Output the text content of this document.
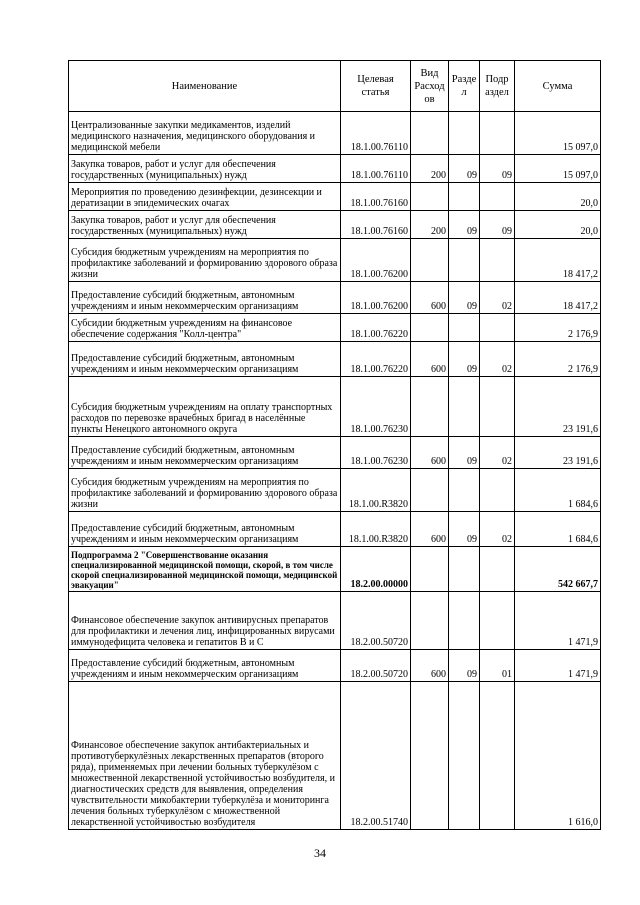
Наименование	Целевая статья	Вид Расход ов	Разде л	Подр аздел	Сумма
Централизованные закупки медикаментов, изделий медицинского назначения, медицинского оборудования и медицинской мебели	18.1.00.76110				15 097,0
Закупка товаров, работ и услуг для обеспечения государственных (муниципальных) нужд	18.1.00.76110	200	09	09	15 097,0
Мероприятия по проведению дезинфекции, дезинсекции и дератизации в эпидемических очагах	18.1.00.76160				20,0
Закупка товаров, работ и услуг для обеспечения государственных (муниципальных) нужд	18.1.00.76160	200	09	09	20,0
Субсидия бюджетным учреждениям на мероприятия по профилактике заболеваний и формированию здорового образа жизни	18.1.00.76200				18 417,2
Предоставление субсидий бюджетным, автономным учреждениям и иным некоммерческим организациям	18.1.00.76200	600	09	02	18 417,2
Субсидии бюджетным учреждениям на финансовое обеспечение содержания "Колл-центра"	18.1.00.76220				2 176,9
Предоставление субсидий бюджетным, автономным учреждениям и иным некоммерческим организациям	18.1.00.76220	600	09	02	2 176,9
Субсидия бюджетным учреждениям на оплату транспортных расходов по перевозке врачебных бригад в населённые пункты Ненецкого автономного округа	18.1.00.76230				23 191,6
Предоставление субсидий бюджетным, автономным учреждениям и иным некоммерческим организациям	18.1.00.76230	600	09	02	23 191,6
Субсидия бюджетным учреждениям на мероприятия по профилактике заболеваний и формированию здорового образа жизни	18.1.00.R3820				1 684,6
Предоставление субсидий бюджетным, автономным учреждениям и иным некоммерческим организациям	18.1.00.R3820	600	09	02	1 684,6
Подпрограмма 2 "Совершенствование оказания специализированной медицинской помощи, скорой, в том числе скорой специализированной медицинской помощи, медицинской эвакуации"	18.2.00.00000				542 667,7
Финансовое обеспечение закупок антивирусных препаратов для профилактики и лечения лиц, инфицированных вирусами иммунодефицита человека и гепатитов В и С	18.2.00.50720				1 471,9
Предоставление субсидий бюджетным, автономным учреждениям и иным некоммерческим организациям	18.2.00.50720	600	09	01	1 471,9
Финансовое обеспечение закупок антибактериальных и противотуберкулёзных лекарственных препаратов (второго ряда), применяемых при лечении больных туберкулёзом с множественной лекарственной устойчивостью возбудителя, и диагностических средств для выявления, определения чувствительности микобактерии туберкулёза и мониторинга лечения больных туберкулёзом с множественной лекарственной устойчивостью возбудителя	18.2.00.51740				1 616,0
34
